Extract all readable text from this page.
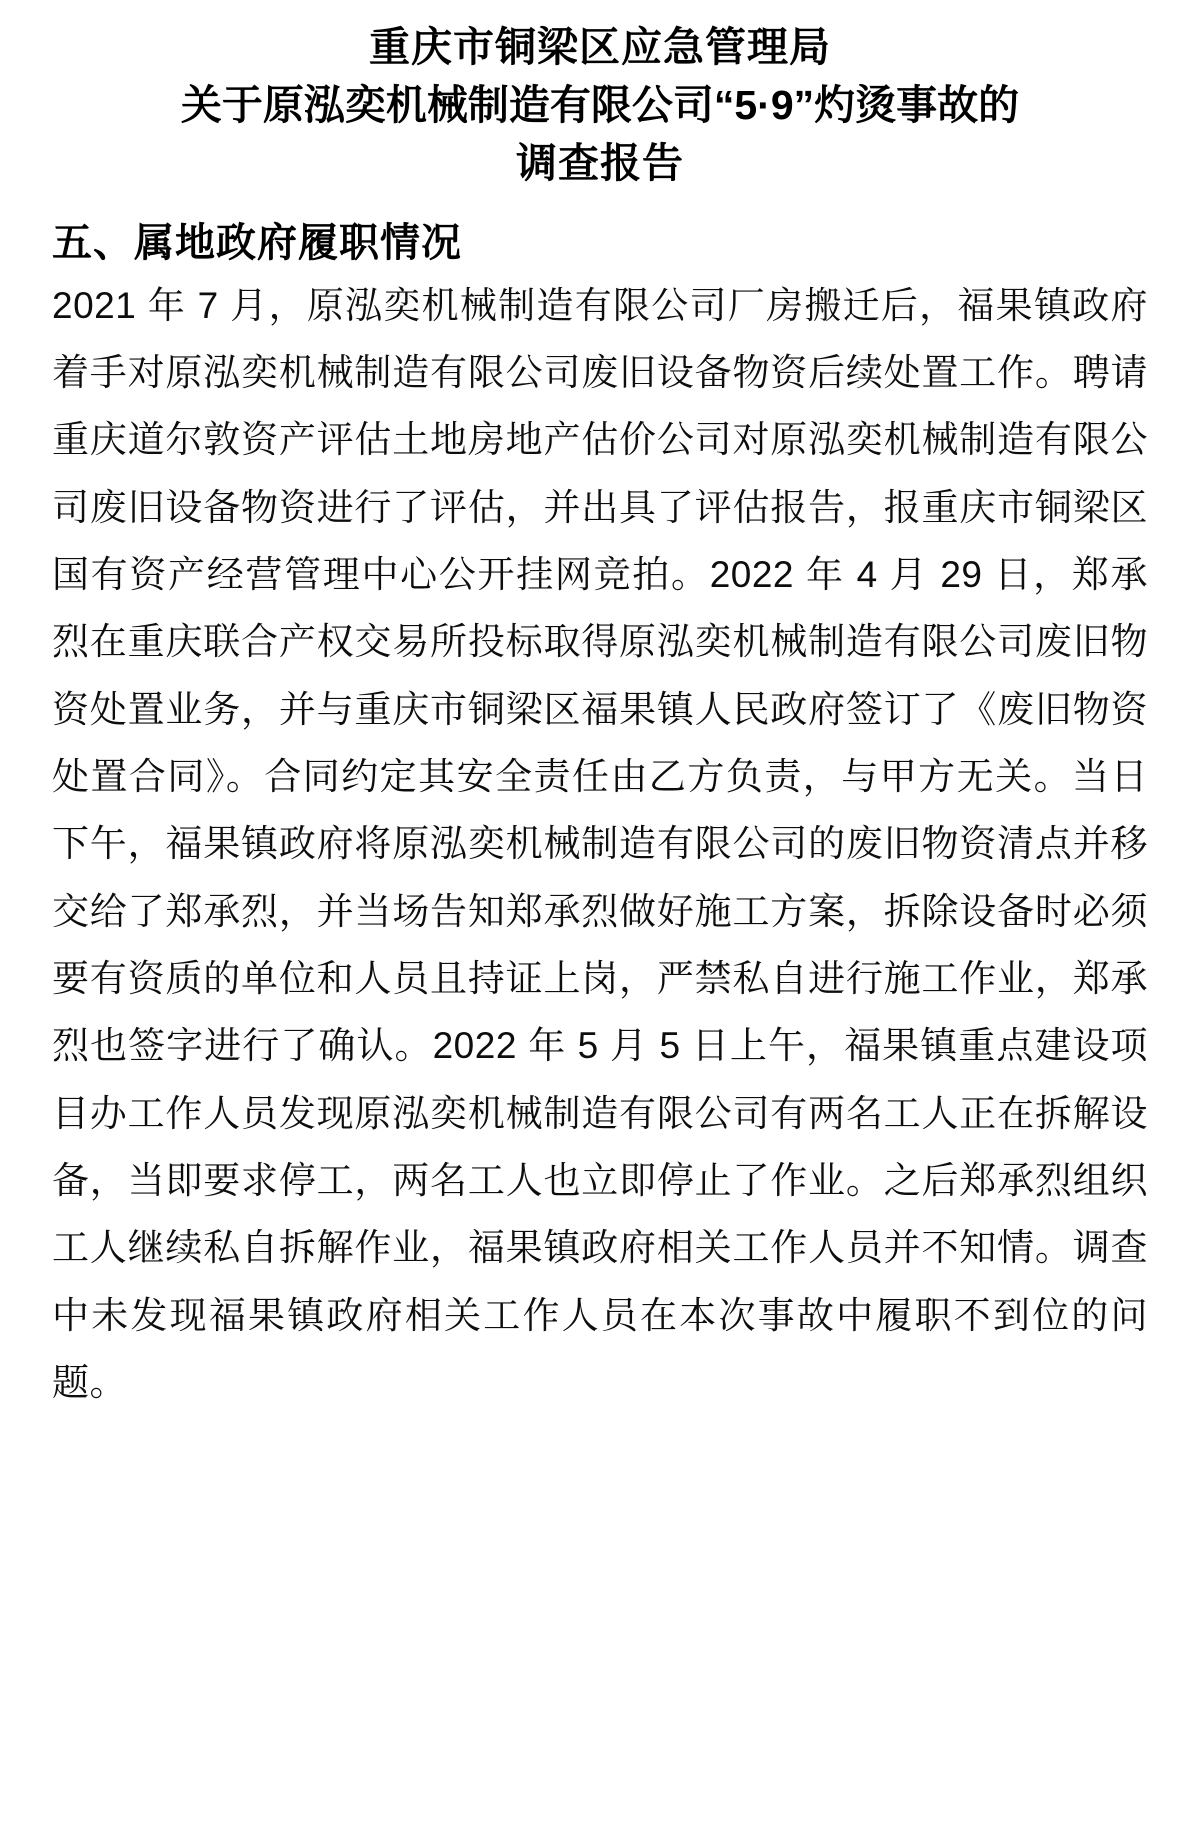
重庆市铜梁区应急管理局
关于原泓奕机械制造有限公司“5·9”灼烫事故的
调查报告
五、属地政府履职情况

2021 年 7 月，原泓奕机械制造有限公司厂房搬迁后，福果镇政府着手对原泓奕机械制造有限公司废旧设备物资后续处置工作。聘请重庆道尔敦资产评估土地房地产估价公司对原泓奕机械制造有限公司废旧设备物资进行了评估，并出具了评估报告，报重庆市铜梁区国有资产经营管理中心公开挂网竞拍。2022 年 4 月 29 日，郑承烈在重庆联合产权交易所投标取得原泓奕机械制造有限公司废旧物资处置业务，并与重庆市铜梁区福果镇人民政府签订了《废旧物资处置合同》。合同约定其安全责任由乙方负责，与甲方无关。当日下午，福果镇政府将原泓奕机械制造有限公司的废旧物资清点并移交给了郑承烈，并当场告知郑承烈做好施工方案，拆除设备时必须要有资质的单位和人员且持证上岗，严禁私自进行施工作业，郑承烈也签字进行了确认。2022 年 5 月 5 日上午，福果镇重点建设项目办工作人员发现原泓奕机械制造有限公司有两名工人正在拆解设备，当即要求停工，两名工人也立即停止了作业。之后郑承烈组织工人继续私自拆解作业，福果镇政府相关工作人员并不知情。调查中未发现福果镇政府相关工作人员在本次事故中履职不到位的问题。
